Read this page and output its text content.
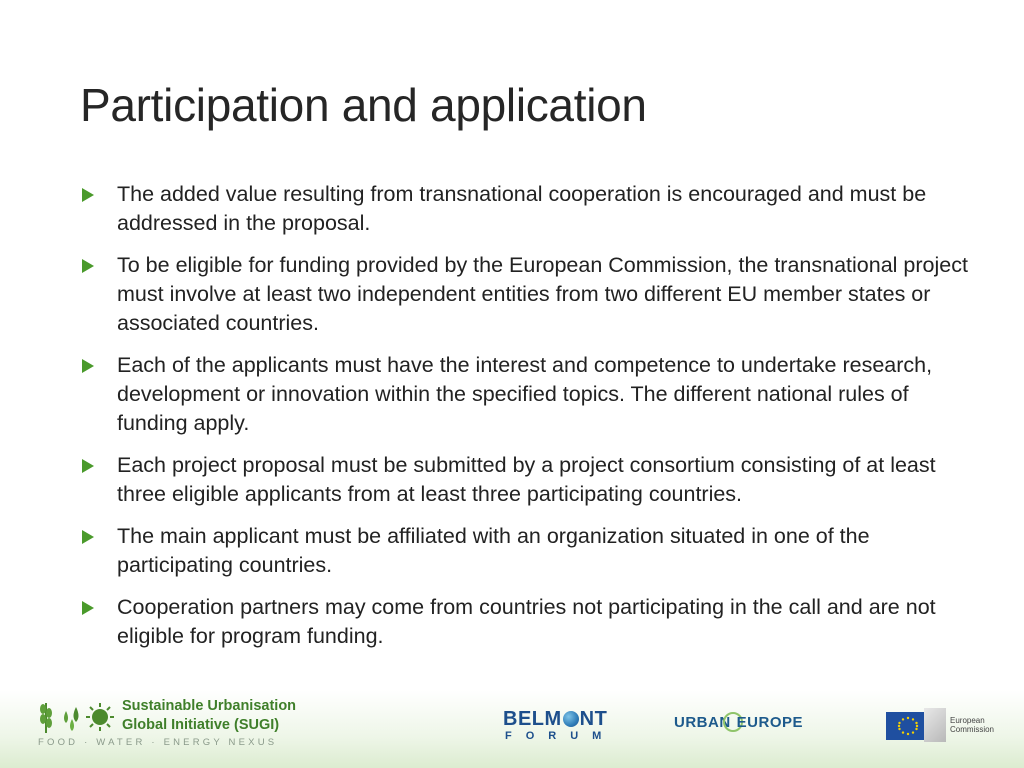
Participation and application
The added value resulting from transnational cooperation is encouraged and must be addressed in the proposal.
To be eligible for funding provided by the European Commission, the transnational project must involve at least two independent entities from two different EU member states or associated countries.
Each of the applicants must have the interest and competence to undertake research, development or innovation within the specified topics. The different national rules of funding apply.
Each project proposal must be submitted by a project consortium consisting of at least three eligible applicants from at least three participating countries.
The main applicant must be affiliated with an organization situated in one of the participating countries.
Cooperation partners may come from countries not participating in the call and are not eligible for program funding.
Sustainable Urbanisation
Global Initiative (SUGI)
FOOD · WATER · ENERGY NEXUS
BELM NT
FORUM
URBAN EUROPE	European
Commission
